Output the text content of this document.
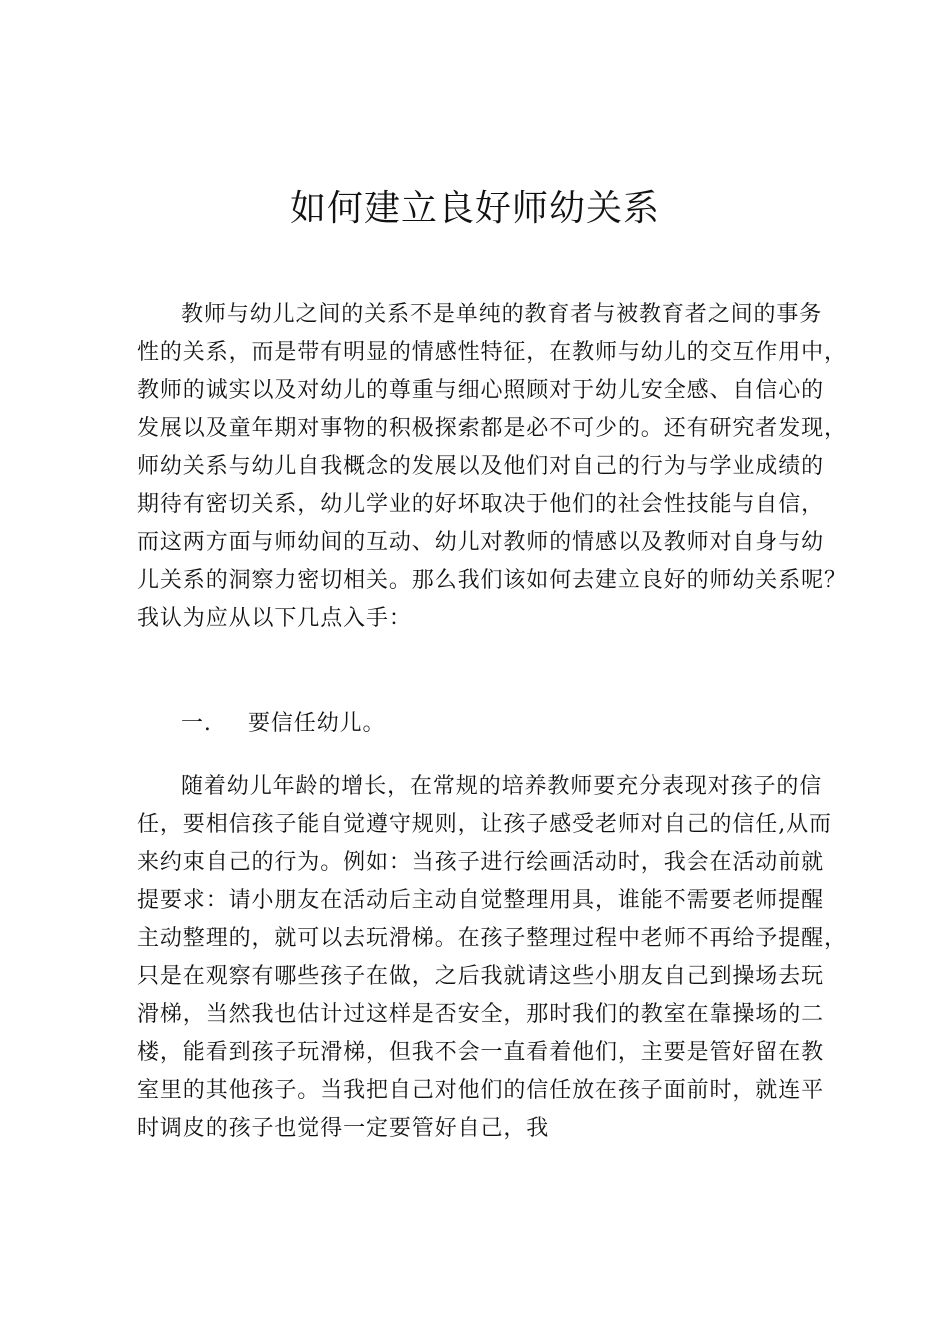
如何建立良好师幼关系
教师与幼儿之间的关系不是单纯的教育者与被教育者之间的事务
性的关系，而是带有明显的情感性特征，在教师与幼儿的交互作用中，
教师的诚实以及对幼儿的尊重与细心照顾对于幼儿安全感、自信心的
发展以及童年期对事物的积极探索都是必不可少的。还有研究者发现，
师幼关系与幼儿自我概念的发展以及他们对自己的行为与学业成绩的
期待有密切关系，幼儿学业的好坏取决于他们的社会性技能与自信，
而这两方面与师幼间的互动、幼儿对教师的情感以及教师对自身与幼
儿关系的洞察力密切相关。那么我们该如何去建立良好的师幼关系呢？
我认为应从以下几点入手：
一. 要信任幼儿。
随着幼儿年龄的增长，在常规的培养教师要充分表现对孩子的信
任，要相信孩子能自觉遵守规则，让孩子感受老师对自己的信任,从而
来约束自己的行为。例如：当孩子进行绘画活动时，我会在活动前就
提要求：请小朋友在活动后主动自觉整理用具，谁能不需要老师提醒
主动整理的，就可以去玩滑梯。在孩子整理过程中老师不再给予提醒，
只是在观察有哪些孩子在做，之后我就请这些小朋友自己到操场去玩
滑梯，当然我也估计过这样是否安全，那时我们的教室在靠操场的二
楼，能看到孩子玩滑梯，但我不会一直看着他们，主要是管好留在教
室里的其他孩子。当我把自己对他们的信任放在孩子面前时，就连平
时调皮的孩子也觉得一定要管好自己，我
